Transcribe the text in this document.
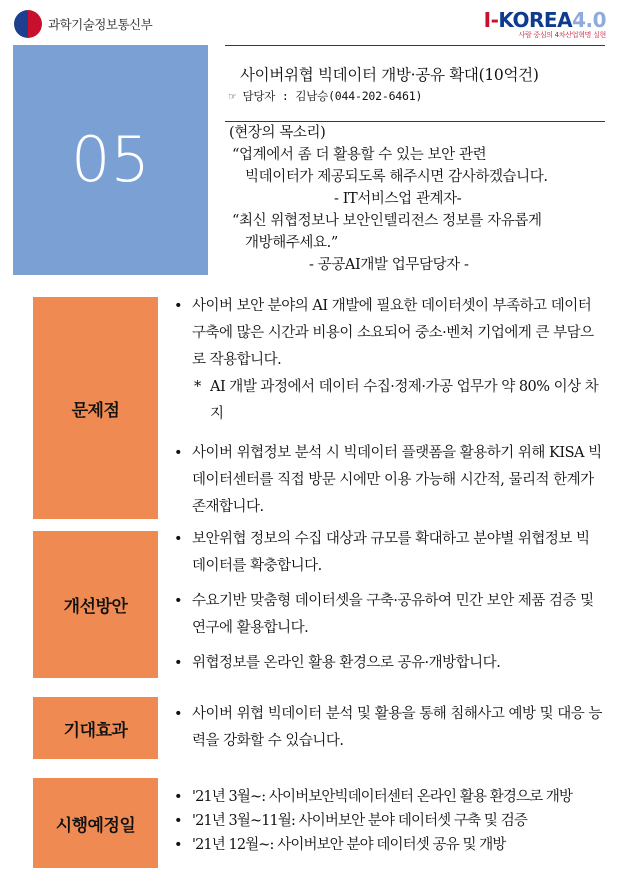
과학기술정보통신부	I-KOREA4.0
사람 중심의 4차산업혁명 실현
05
사이버위협 빅데이터 개방·공유 확대(10억건)
☞ 담당자 : 김남승(044-202-6461)
(현장의 목소리)
“업계에서 좀 더 활용할 수 있는 보안 관련
빅데이터가 제공되도록 해주시면 감사하겠습니다.
- IT서비스업 관계자-
“최신 위협정보나 보안인텔리전스 정보를 자유롭게
개방해주세요.”
- 공공AI개발 업무담당자 -
문제점
• 사이버 보안 분야의 AI 개발에 필요한 데이터셋이 부족하고 데이터 구축에 많은 시간과 비용이 소요되어 중소·벤처 기업에게 큰 부담으로 작용합니다.
* AI 개발 과정에서 데이터 수집·정제·가공 업무가 약 80% 이상 차지
• 사이버 위협정보 분석 시 빅데이터 플랫폼을 활용하기 위해 KISA 빅데이터센터를 직접 방문 시에만 이용 가능해 시간적, 물리적 한계가 존재합니다.
개선방안
• 보안위협 정보의 수집 대상과 규모를 확대하고 분야별 위협정보 빅데이터를 확충합니다.
• 수요기반 맞춤형 데이터셋을 구축·공유하여 민간 보안 제품 검증 및 연구에 활용합니다.
• 위협정보를 온라인 활용 환경으로 공유·개방합니다.
기대효과
• 사이버 위협 빅데이터 분석 및 활용을 통해 침해사고 예방 및 대응 능력을 강화할 수 있습니다.
시행예정일
• '21년 3월~: 사이버보안빅데이터센터 온라인 활용 환경으로 개방
• '21년 3월~11월: 사이버보안 분야 데이터셋 구축 및 검증
• '21년 12월~: 사이버보안 분야 데이터셋 공유 및 개방
